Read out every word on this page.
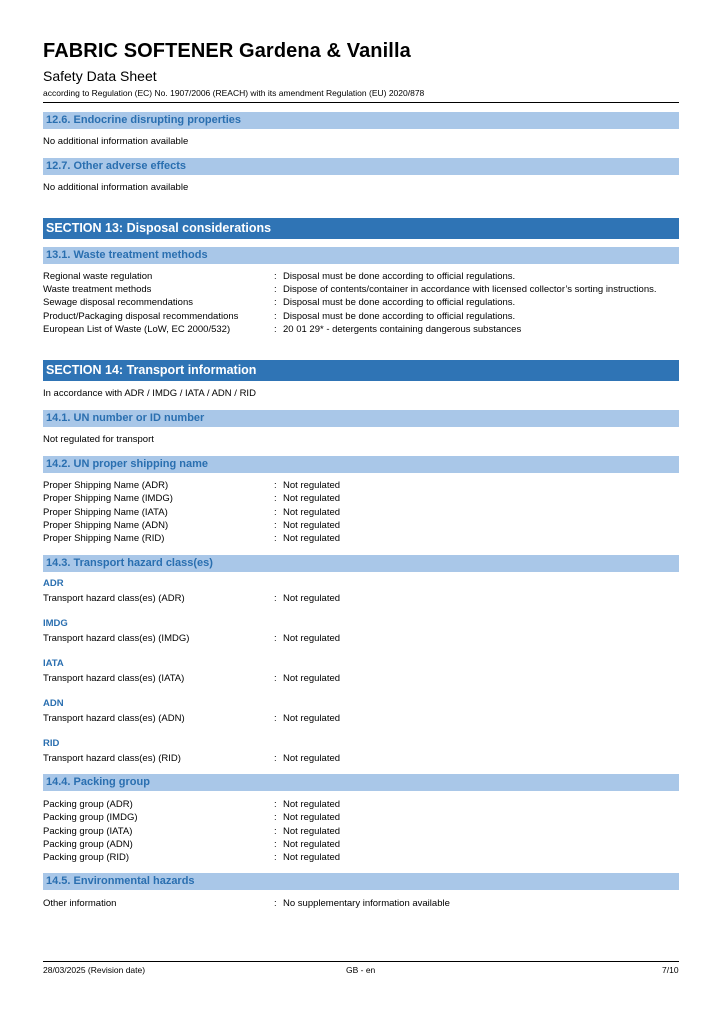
FABRIC SOFTENER Gardena & Vanilla
Safety Data Sheet
according to Regulation (EC) No. 1907/2006 (REACH) with its amendment Regulation (EU) 2020/878
12.6. Endocrine disrupting properties
No additional information available
12.7. Other adverse effects
No additional information available
SECTION 13: Disposal considerations
13.1. Waste treatment methods
Regional waste regulation	: Disposal must be done according to official regulations.
Waste treatment methods	: Dispose of contents/container in accordance with licensed collector’s sorting instructions.
Sewage disposal recommendations	: Disposal must be done according to official regulations.
Product/Packaging disposal recommendations	: Disposal must be done according to official regulations.
European List of Waste (LoW, EC 2000/532)	: 20 01 29* - detergents containing dangerous substances
SECTION 14: Transport information
In accordance with ADR / IMDG / IATA / ADN / RID
14.1. UN number or ID number
Not regulated for transport
14.2. UN proper shipping name
Proper Shipping Name (ADR)	: Not regulated
Proper Shipping Name (IMDG)	: Not regulated
Proper Shipping Name (IATA)	: Not regulated
Proper Shipping Name (ADN)	: Not regulated
Proper Shipping Name (RID)	: Not regulated
14.3. Transport hazard class(es)
ADR
Transport hazard class(es) (ADR)	: Not regulated
IMDG
Transport hazard class(es) (IMDG)	: Not regulated
IATA
Transport hazard class(es) (IATA)	: Not regulated
ADN
Transport hazard class(es) (ADN)	: Not regulated
RID
Transport hazard class(es) (RID)	: Not regulated
14.4. Packing group
Packing group (ADR)	: Not regulated
Packing group (IMDG)	: Not regulated
Packing group (IATA)	: Not regulated
Packing group (ADN)	: Not regulated
Packing group (RID)	: Not regulated
14.5. Environmental hazards
Other information	: No supplementary information available
28/03/2025 (Revision date)	GB - en	7/10
